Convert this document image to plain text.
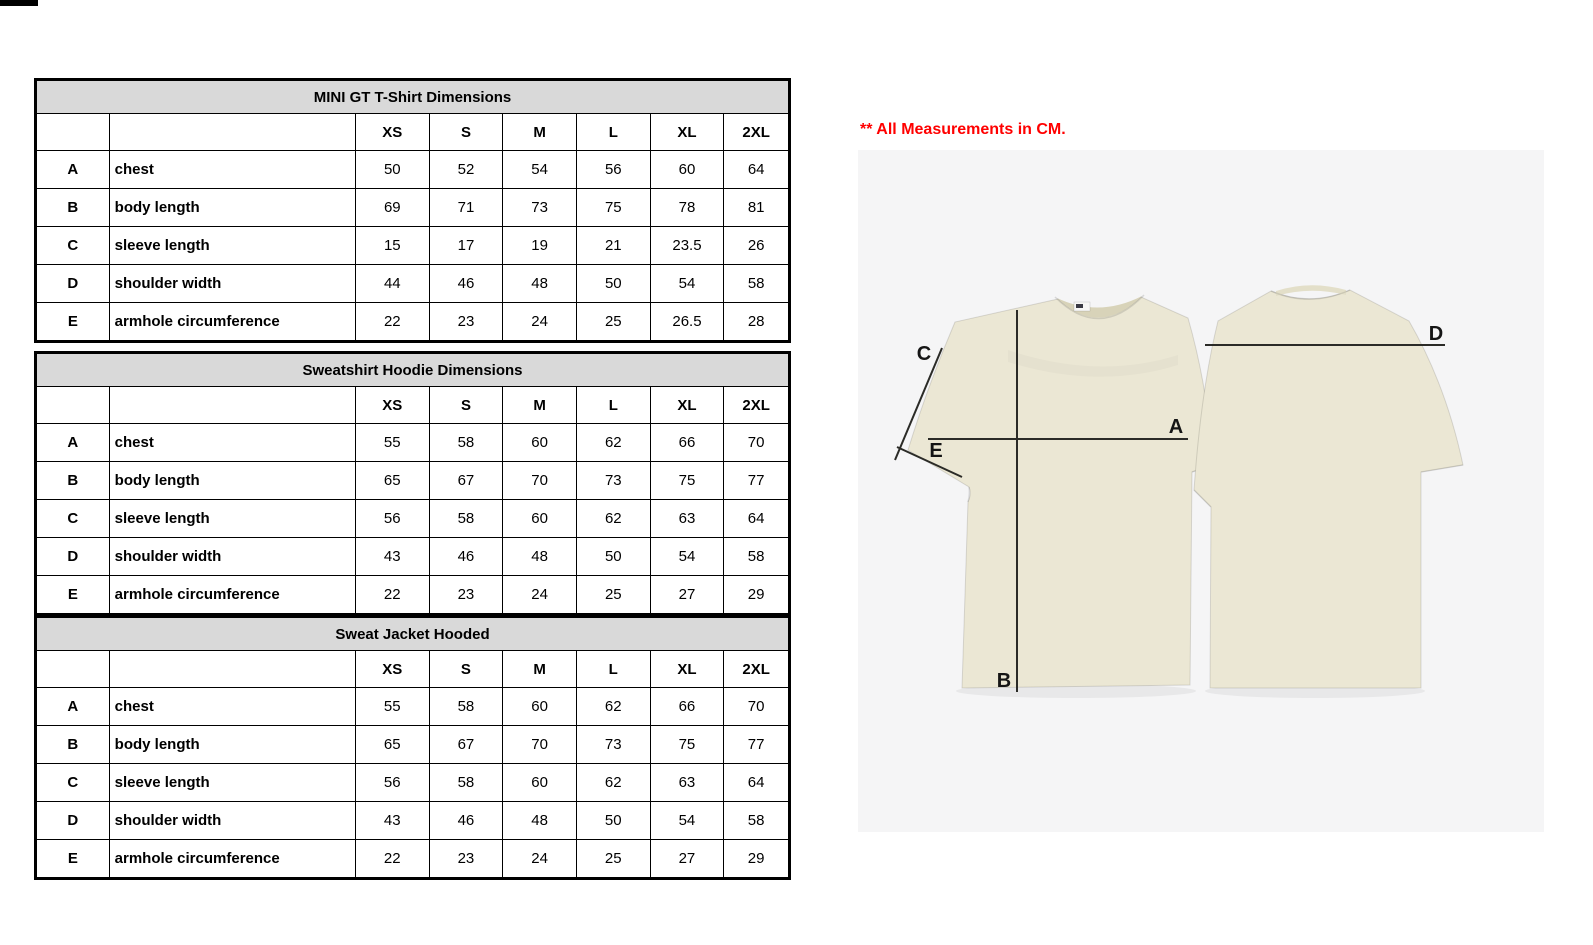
MINI GT T-Shirt Dimensions							
		XS	S	M	L	XL	2XL
A	chest	50	52	54	56	60	64
B	body length	69	71	73	75	78	81
C	sleeve length	15	17	19	21	23.5	26
D	shoulder width	44	46	48	50	54	58
E	armhole circumference	22	23	24	25	26.5	28
Sweatshirt Hoodie Dimensions							
		XS	S	M	L	XL	2XL
A	chest	55	58	60	62	66	70
B	body length	65	67	70	73	75	77
C	sleeve length	56	58	60	62	63	64
D	shoulder width	43	46	48	50	54	58
E	armhole circumference	22	23	24	25	27	29
Sweat Jacket Hooded							
		XS	S	M	L	XL	2XL
A	chest	55	58	60	62	66	70
B	body length	65	67	70	73	75	77
C	sleeve length	56	58	60	62	63	64
D	shoulder width	43	46	48	50	54	58
E	armhole circumference	22	23	24	25	27	29
** All Measurements in CM.
A
B
C
E
D
